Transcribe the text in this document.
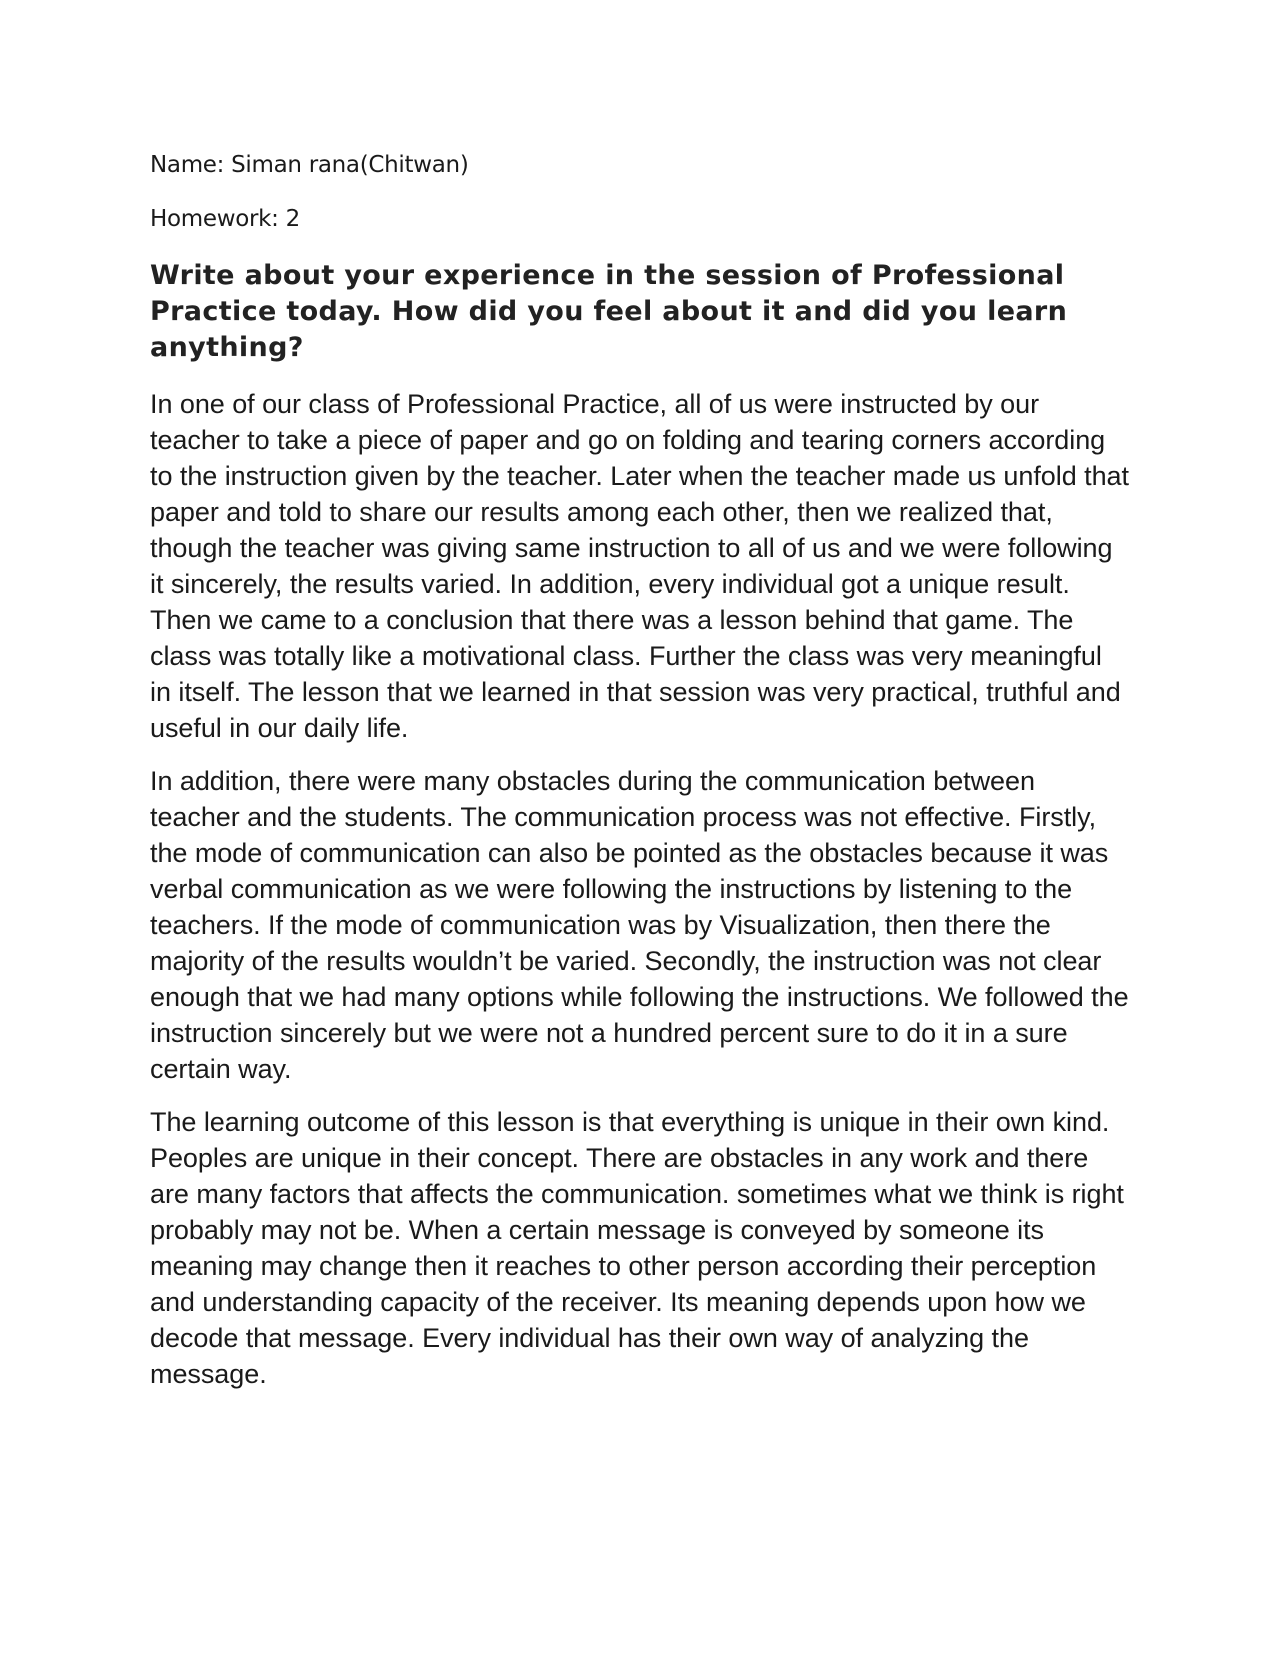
Name: Siman rana(Chitwan)

Homework: 2

Write about your experience in the session of Professional Practice today. How did you feel about it and did you learn anything?

In one of our class of Professional Practice, all of us were instructed by our teacher to take a piece of paper and go on folding and tearing corners according to the instruction given by the teacher. Later when the teacher made us unfold that paper and told to share our results among each other, then we realized that, though the teacher was giving same instruction to all of us and we were following it sincerely, the results varied. In addition, every individual got a unique result. Then we came to a conclusion that there was a lesson behind that game. The class was totally like a motivational class. Further the class was very meaningful in itself. The lesson that we learned in that session was very practical, truthful and useful in our daily life.

In addition, there were many obstacles during the communication between teacher and the students. The communication process was not effective. Firstly, the mode of communication can also be pointed as the obstacles because it was verbal communication as we were following the instructions by listening to the teachers. If the mode of communication was by Visualization, then there the majority of the results wouldn’t be varied. Secondly, the instruction was not clear enough that we had many options while following the instructions. We followed the instruction sincerely but we were not a hundred percent sure to do it in a sure certain way.

The learning outcome of this lesson is that everything is unique in their own kind. Peoples are unique in their concept. There are obstacles in any work and there are many factors that affects the communication. sometimes what we think is right probably may not be. When a certain message is conveyed by someone its meaning may change then it reaches to other person according their perception and understanding capacity of the receiver. Its meaning depends upon how we decode that message. Every individual has their own way of analyzing the message.
